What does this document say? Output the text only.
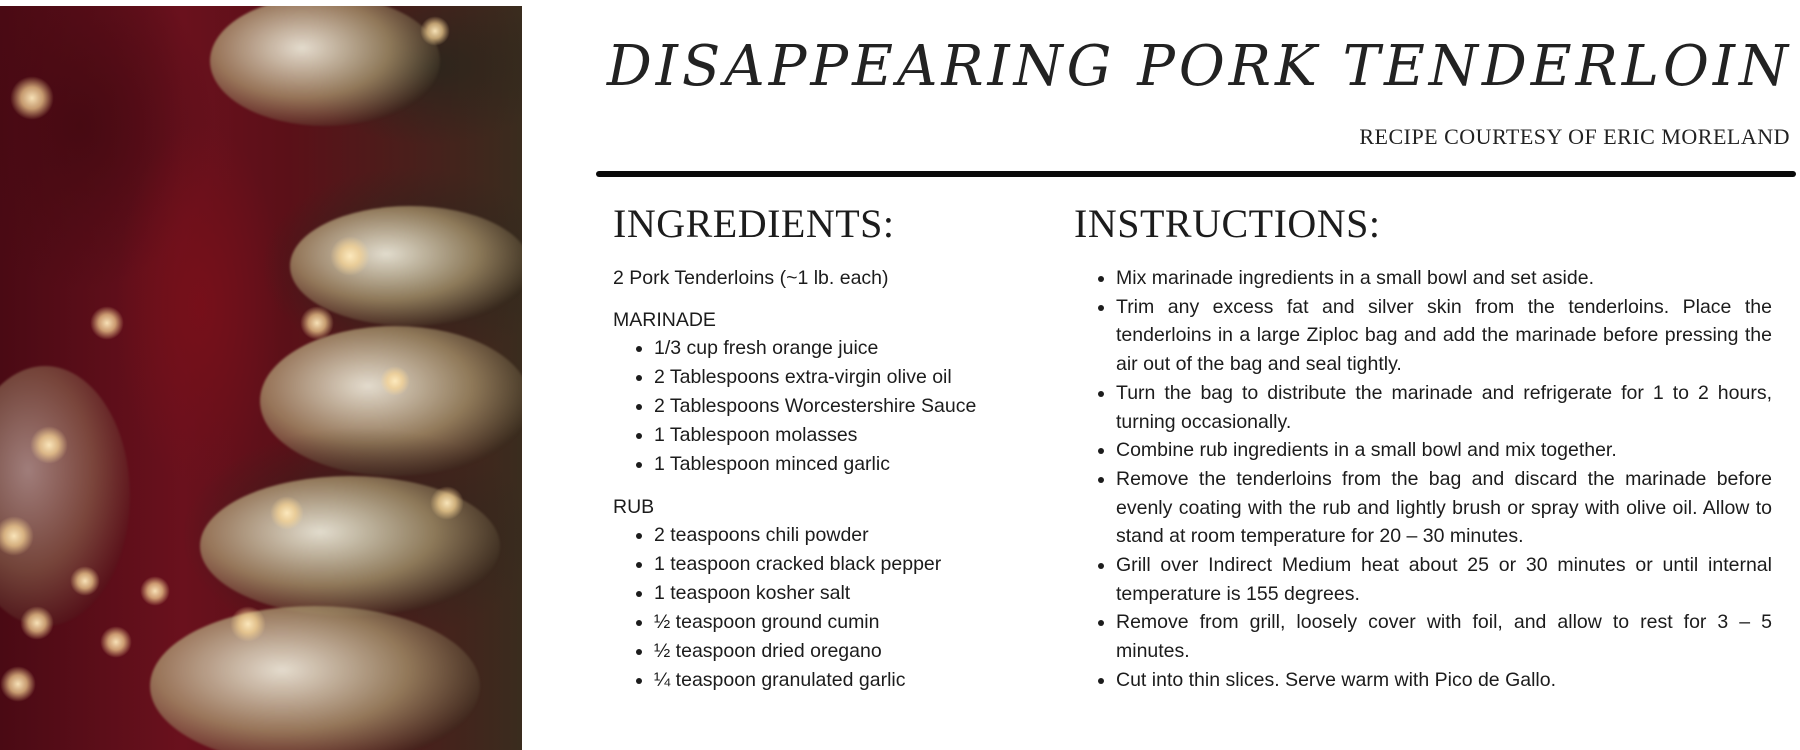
DISAPPEARING PORK TENDERLOIN

RECIPE COURTESY OF ERIC MORELAND

INGREDIENTS:

2 Pork Tenderloins (~1 lb. each)

MARINADE

• 1/3 cup fresh orange juice
• 2 Tablespoons extra-virgin olive oil
• 2 Tablespoons Worcestershire Sauce
• 1 Tablespoon molasses
• 1 Tablespoon minced garlic

RUB

• 2 teaspoons chili powder
• 1 teaspoon cracked black pepper
• 1 teaspoon kosher salt
• ½ teaspoon ground cumin
• ½ teaspoon dried oregano
• ¼ teaspoon granulated garlic
INSTRUCTIONS:
• Mix marinade ingredients in a small bowl and set aside.
• Trim any excess fat and silver skin from the tenderloins. Place the tenderloins in a large Ziploc bag and add the marinade before pressing the air out of the bag and seal tightly.
• Turn the bag to distribute the marinade and refrigerate for 1 to 2 hours, turning occasionally.
• Combine rub ingredients in a small bowl and mix together.
• Remove the tenderloins from the bag and discard the marinade before evenly coating with the rub and lightly brush or spray with olive oil. Allow to stand at room temperature for 20 – 30 minutes.
• Grill over Indirect Medium heat about 25 or 30 minutes or until internal temperature is 155 degrees.
• Remove from grill, loosely cover with foil, and allow to rest for 3 – 5 minutes.
• Cut into thin slices. Serve warm with Pico de Gallo.
